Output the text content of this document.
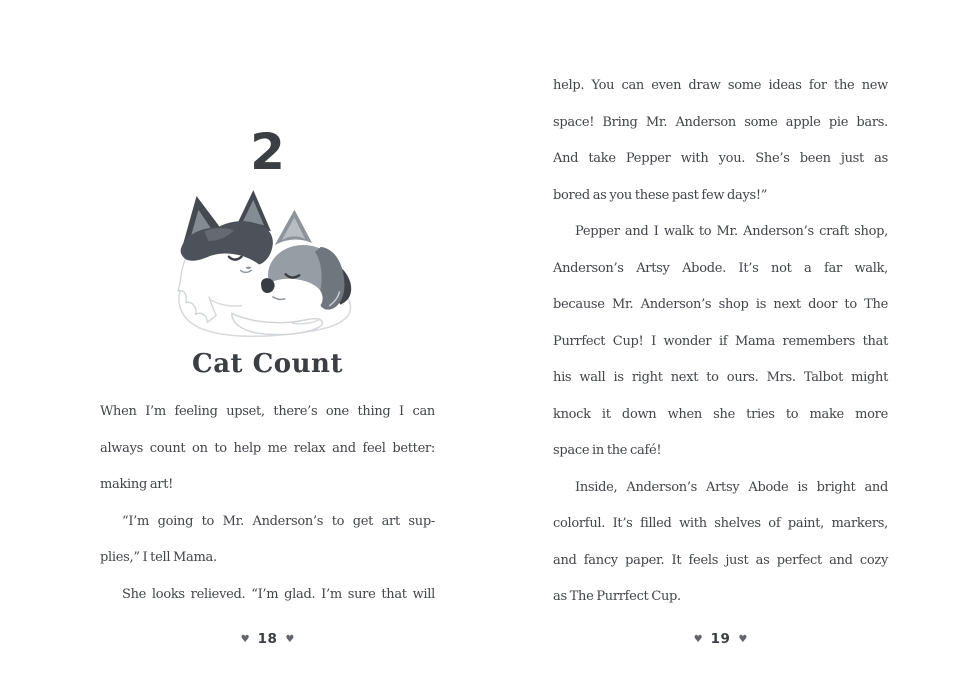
2
Cat Count
When I’m feeling upset, there’s one thing I can
always count on to help me relax and feel better:
making art!
“I’m going to Mr. Anderson’s to get art sup-
plies,” I tell Mama.
She looks relieved. “I’m glad. I’m sure that will
♥ 18 ♥
help. You can even draw some ideas for the new
space! Bring Mr. Anderson some apple pie bars.
And take Pepper with you. She’s been just as
bored as you these past few days!”
Pepper and I walk to Mr. Anderson’s craft shop,
Anderson’s Artsy Abode. It’s not a far walk,
because Mr. Anderson’s shop is next door to The
Purrfect Cup! I wonder if Mama remembers that
his wall is right next to ours. Mrs. Talbot might
knock it down when she tries to make more
space in the café!
Inside, Anderson’s Artsy Abode is bright and
colorful. It’s filled with shelves of paint, markers,
and fancy paper. It feels just as perfect and cozy
as The Purrfect Cup.
♥ 19 ♥
